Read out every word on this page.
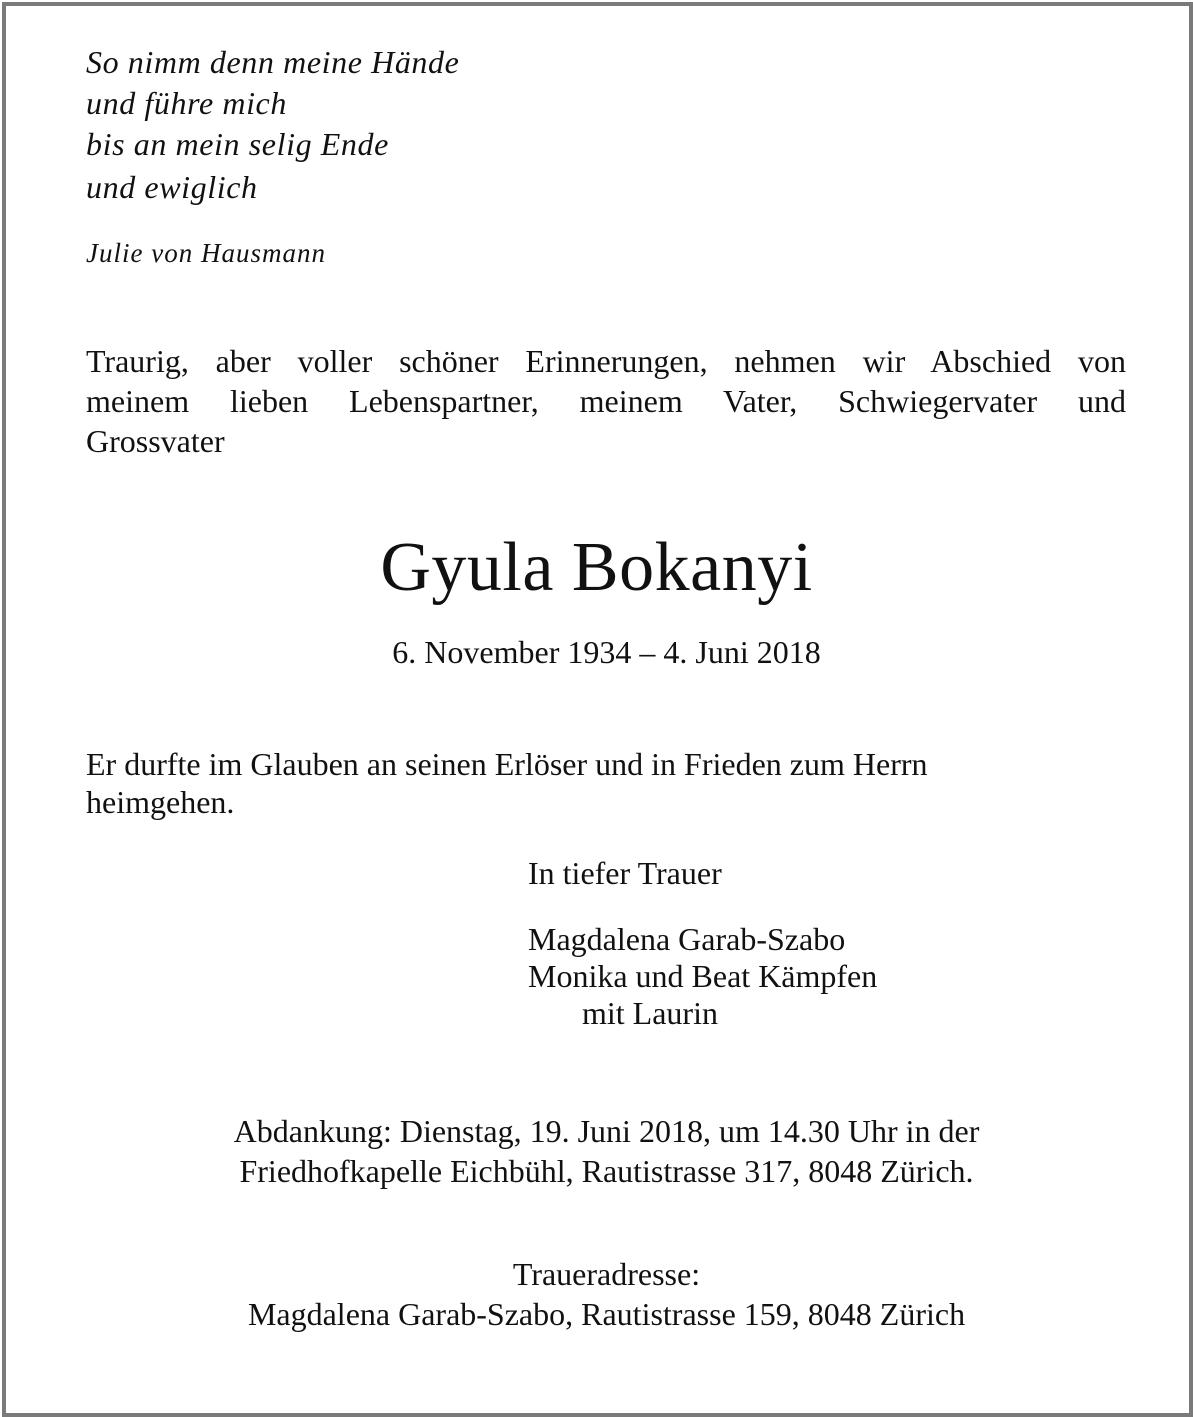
So nimm denn meine Hände
und führe mich
bis an mein selig Ende
und ewiglich
Julie von Hausmann
Traurig, aber voller schöner Erinnerungen, nehmen wir Abschied von
meinem lieben Lebenspartner, meinem Vater, Schwiegervater und
Grossvater
Gyula Bokanyi
6. November 1934 – 4. Juni 2018
Er durfte im Glauben an seinen Erlöser und in Frieden zum Herrn
heimgehen.
In tiefer Trauer
Magdalena Garab-Szabo
Monika und Beat Kämpfen
mit Laurin
Abdankung: Dienstag, 19. Juni 2018, um 14.30 Uhr in der
Friedhofkapelle Eichbühl, Rautistrasse 317, 8048 Zürich.
Traueradresse:
Magdalena Garab-Szabo, Rautistrasse 159, 8048 Zürich
